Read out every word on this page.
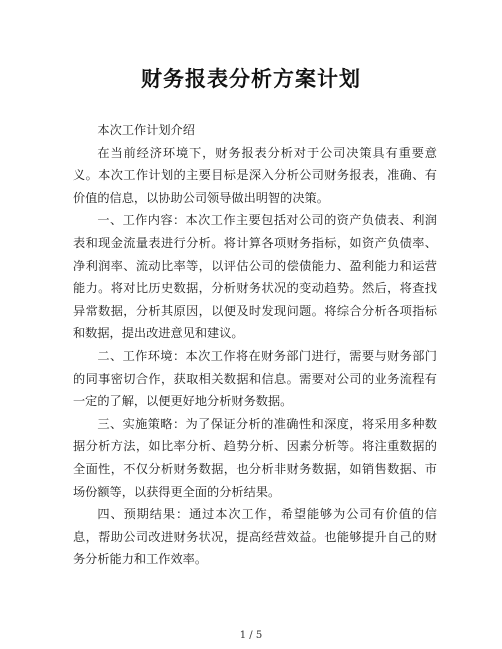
财务报表分析方案计划

本次工作计划介绍

在当前经济环境下，财务报表分析对于公司决策具有重要意义。本次工作计划的主要目标是深入分析公司财务报表，准确、有价值的信息，以协助公司领导做出明智的决策。

一、工作内容：本次工作主要包括对公司的资产负债表、利润表和现金流量表进行分析。将计算各项财务指标，如资产负债率、净利润率、流动比率等，以评估公司的偿债能力、盈利能力和运营能力。将对比历史数据，分析财务状况的变动趋势。然后，将查找异常数据，分析其原因，以便及时发现问题。将综合分析各项指标和数据，提出改进意见和建议。

二、工作环境：本次工作将在财务部门进行，需要与财务部门的同事密切合作，获取相关数据和信息。需要对公司的业务流程有一定的了解，以便更好地分析财务数据。

三、实施策略：为了保证分析的准确性和深度，将采用多种数据分析方法，如比率分析、趋势分析、因素分析等。将注重数据的全面性，不仅分析财务数据，也分析非财务数据，如销售数据、市场份额等，以获得更全面的分析结果。

四、预期结果：通过本次工作，希望能够为公司有价值的信息，帮助公司改进财务状况，提高经营效益。也能够提升自己的财务分析能力和工作效率。

1 / 5
